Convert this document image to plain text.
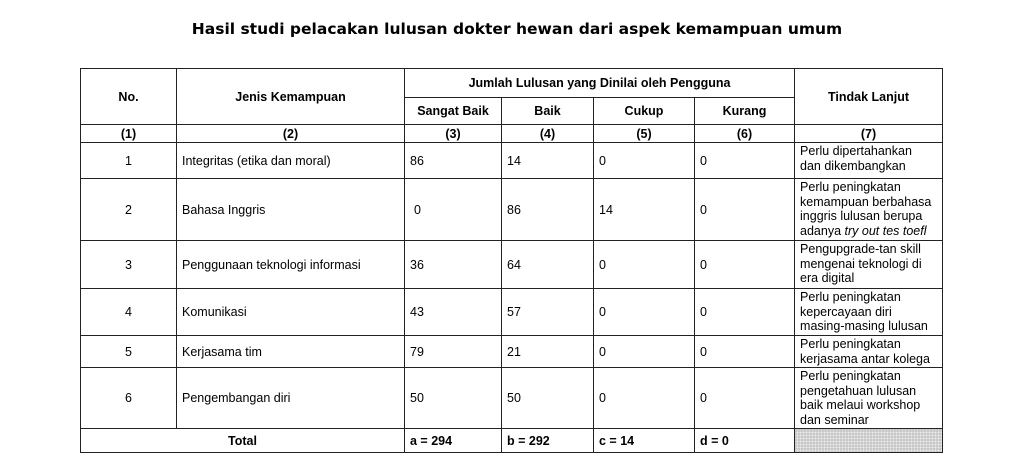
Hasil studi pelacakan lulusan dokter hewan dari aspek kemampuan umum
No.	Jenis Kemampuan	Jumlah Lulusan yang Dinilai oleh Pengguna				Tindak Lanjut
		Sangat Baik	Baik	Cukup	Kurang	
(1)	(2)	(3)	(4)	(5)	(6)	(7)
1	Integritas (etika dan moral)	86	14	0	0	Perlu dipertahankan
dan dikembangkan
2	Bahasa Inggris	0	86	14	0	Perlu peningkatan
kemampuan berbahasa
inggris lulusan berupa
adanya try out tes toefl
3	Penggunaan teknologi informasi	36	64	0	0	Pengupgrade-tan skill
mengenai teknologi di
era digital
4	Komunikasi	43	57	0	0	Perlu peningkatan
kepercayaan diri
masing-masing lulusan
5	Kerjasama tim	79	21	0	0	Perlu peningkatan
kerjasama antar kolega
6	Pengembangan diri	50	50	0	0	Perlu peningkatan
pengetahuan lulusan
baik melaui workshop
dan seminar
Total		a = 294	b = 292	c = 14	d = 0	
